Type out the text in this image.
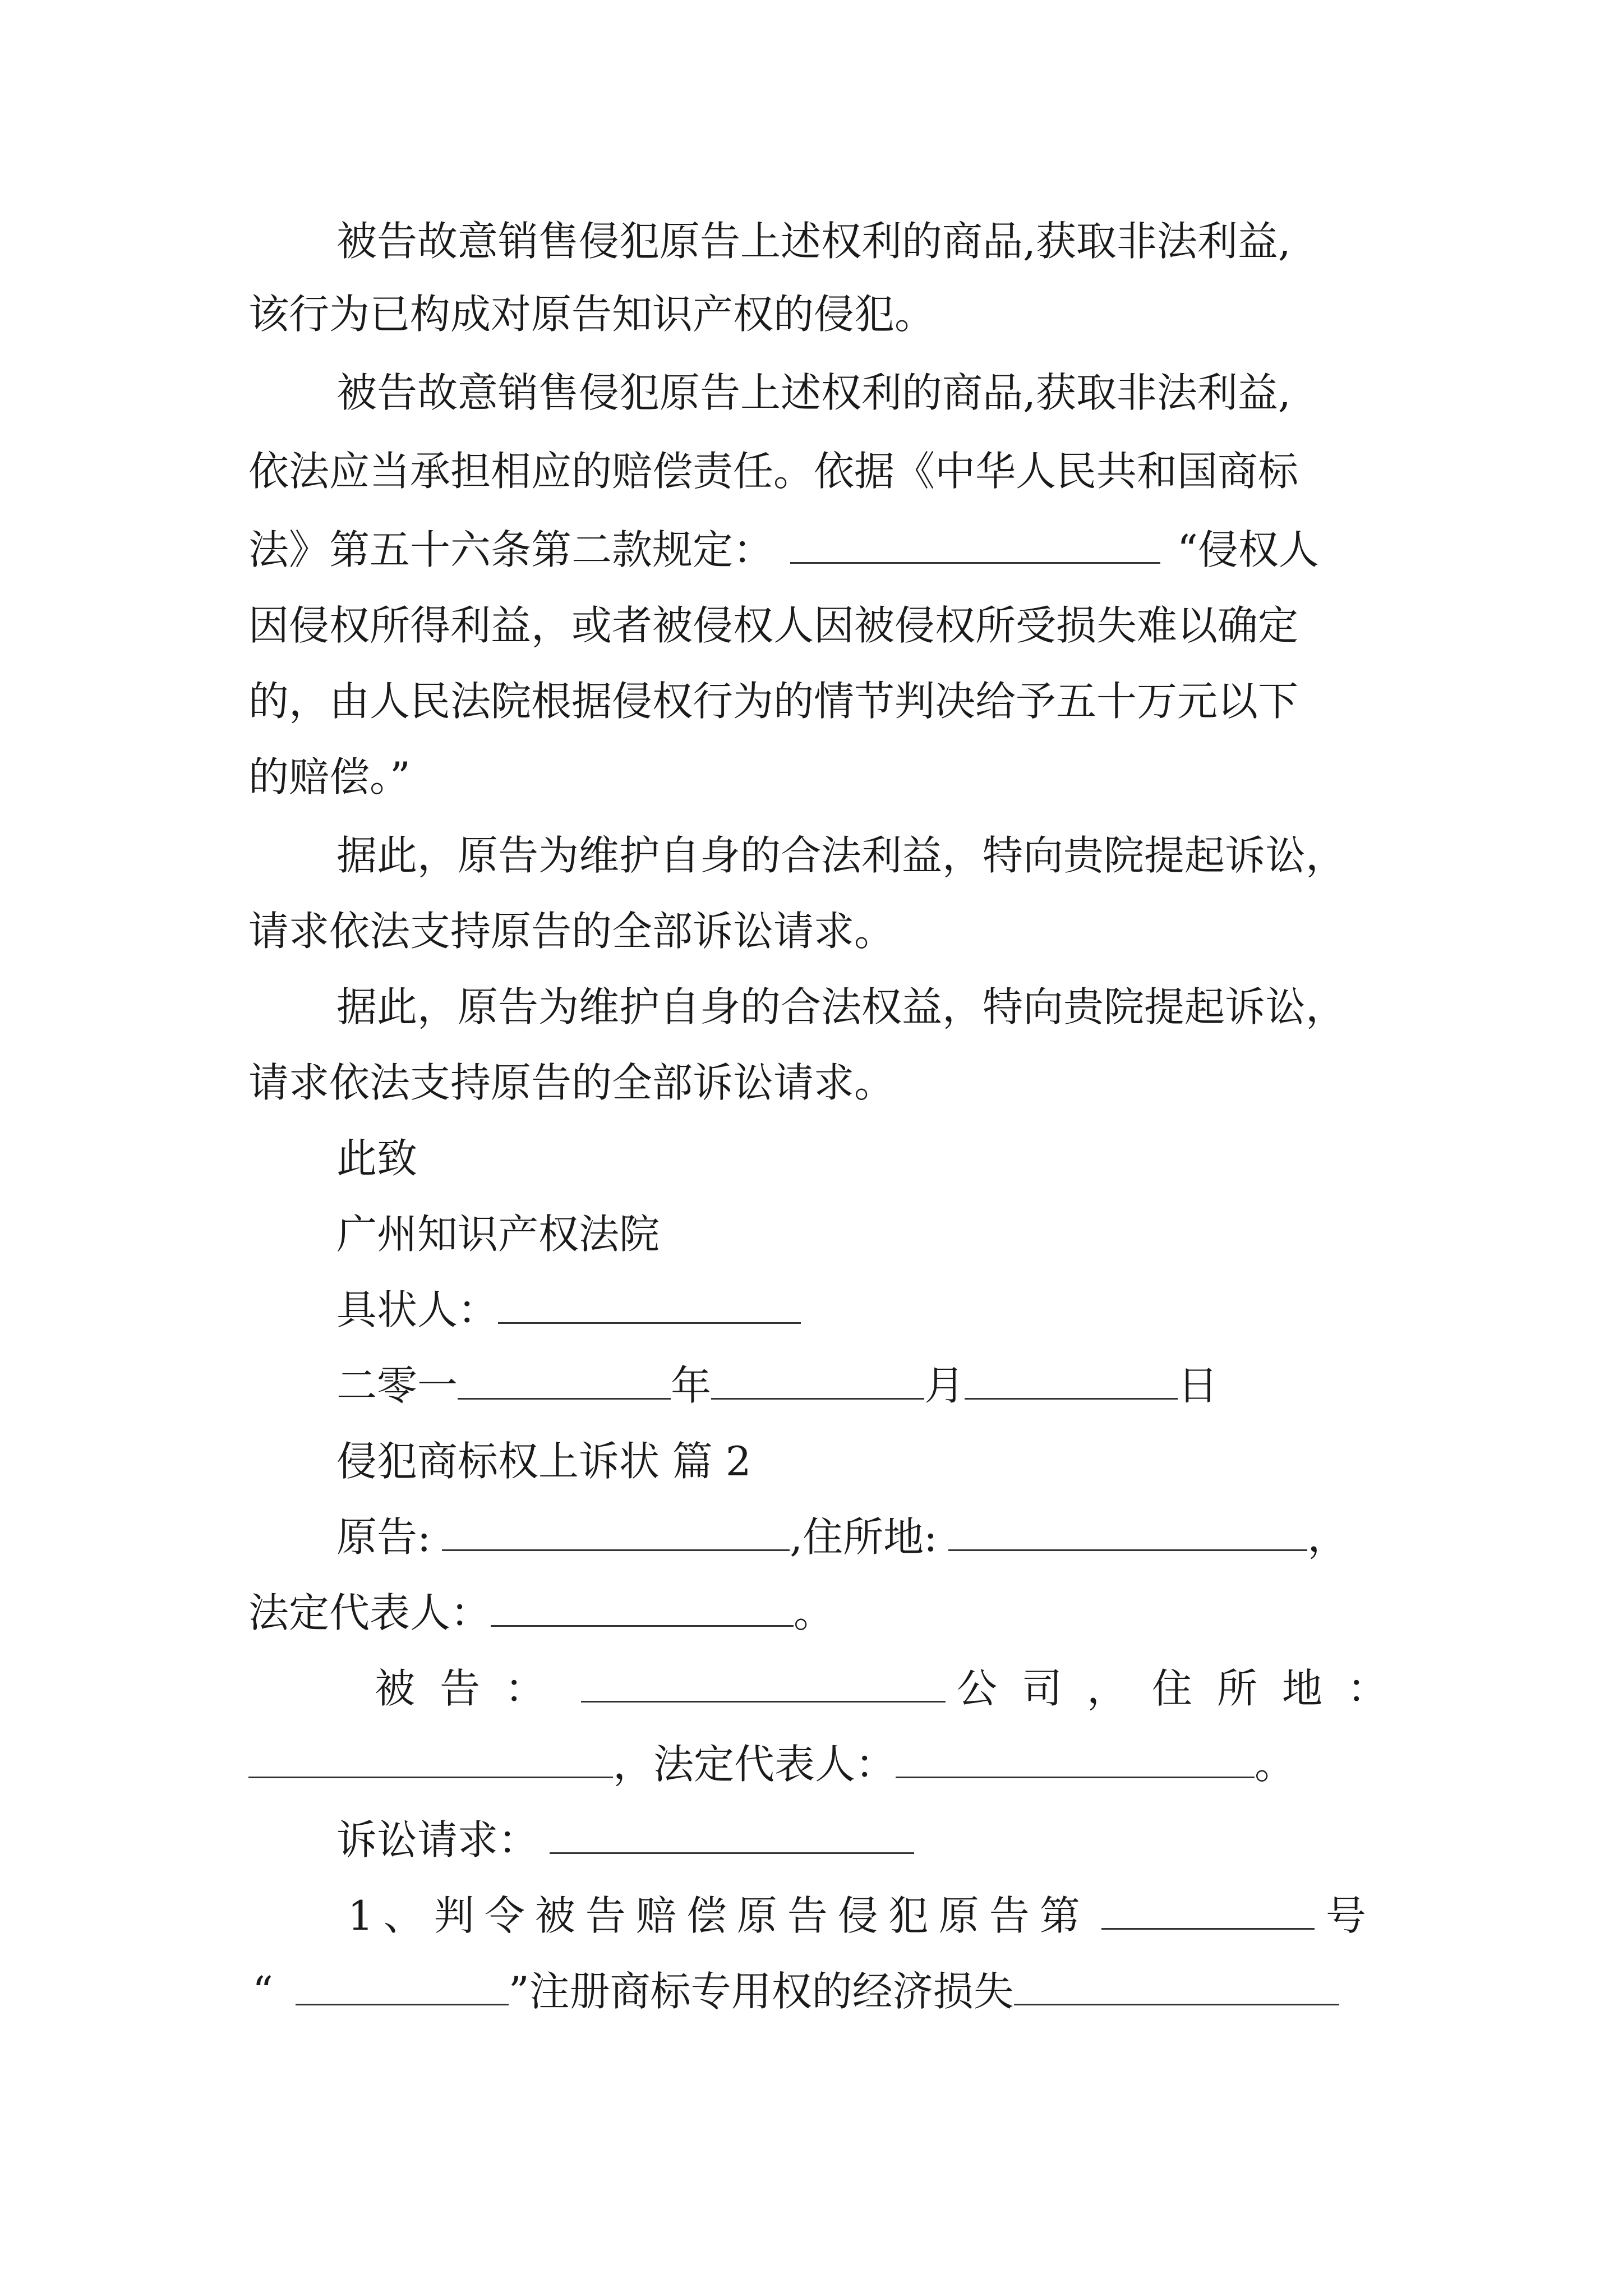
被告故意销售侵犯原告上述权利的商品,获取非法利益,
该行为已构成对原告知识产权的侵犯。
被告故意销售侵犯原告上述权利的商品,获取非法利益,
依法应当承担相应的赔偿责任。依据《中华人民共和国商标
法》第五十六条第二款规定：	“侵权人
因侵权所得利益，或者被侵权人因被侵权所受损失难以确定
的，由人民法院根据侵权行为的情节判决给予五十万元以下
的赔偿。”
据此，原告为维护自身的合法利益，特向贵院提起诉讼，
请求依法支持原告的全部诉讼请求。
据此，原告为维护自身的合法权益，特向贵院提起诉讼，
请求依法支持原告的全部诉讼请求。
此致
广州知识产权法院
具状人：
二零一	年	月	日
侵犯商标权上诉状 篇 2
原告:	,住所地:	，
法定代表人：	。
被告：	公司，住所地：
，法定代表人：	。
诉讼请求：
1、判令被告赔偿原告侵犯原告第	号
“	”注册商标专用权的经济损失
